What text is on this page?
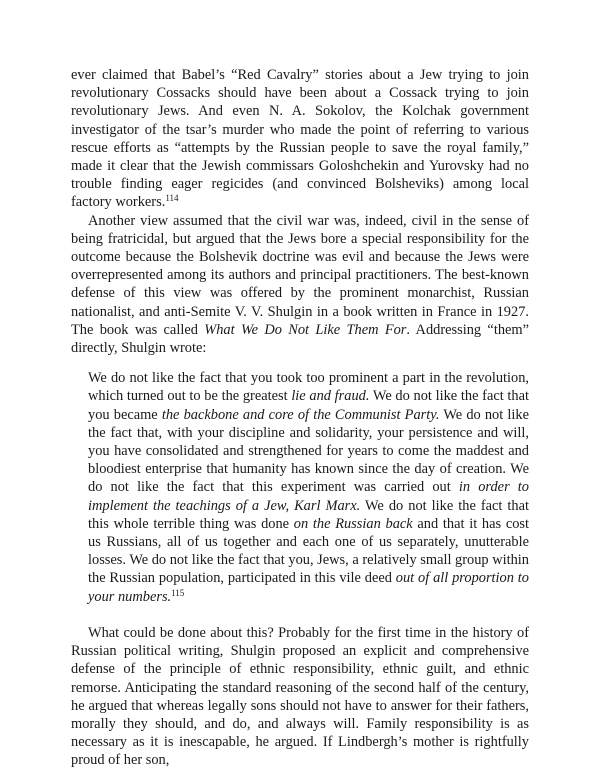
ever claimed that Babel’s “Red Cavalry” stories about a Jew trying to join revolutionary Cossacks should have been about a Cossack trying to join revolutionary Jews. And even N. A. Sokolov, the Kolchak government investigator of the tsar’s murder who made the point of referring to various rescue efforts as “attempts by the Russian people to save the royal family,” made it clear that the Jewish commissars Goloshchekin and Yurovsky had no trouble finding eager regicides (and convinced Bolsheviks) among local factory workers.$^{114}$

Another view assumed that the civil war was, indeed, civil in the sense of being fratricidal, but argued that the Jews bore a special responsibility for the outcome because the Bolshevik doctrine was evil and because the Jews were overrepresented among its authors and principal practitioners. The best-known defense of this view was offered by the prominent monarchist, Russian nationalist, and anti-Semite V. V. Shulgin in a book written in France in 1927. The book was called What We Do Not Like Them For. Addressing “them” directly, Shulgin wrote:

We do not like the fact that you took too prominent a part in the revolution, which turned out to be the greatest lie and fraud. We do not like the fact that you became the backbone and core of the Communist Party. We do not like the fact that, with your discipline and solidarity, your persistence and will, you have consolidated and strengthened for years to come the maddest and bloodiest enterprise that humanity has known since the day of creation. We do not like the fact that this experiment was carried out in order to implement the teachings of a Jew, Karl Marx. We do not like the fact that this whole terrible thing was done on the Russian back and that it has cost us Russians, all of us together and each one of us separately, unutterable losses. We do not like the fact that you, Jews, a relatively small group within the Russian population, participated in this vile deed out of all proportion to your numbers.$^{115}$

What could be done about this? Probably for the first time in the history of Russian political writing, Shulgin proposed an explicit and comprehensive defense of the principle of ethnic responsibility, ethnic guilt, and ethnic remorse. Anticipating the standard reasoning of the second half of the century, he argued that whereas legally sons should not have to answer for their fathers, morally they should, and do, and always will. Family responsibility is as necessary as it is inescapable, he argued. If Lindbergh’s mother is rightfully proud of her son,
